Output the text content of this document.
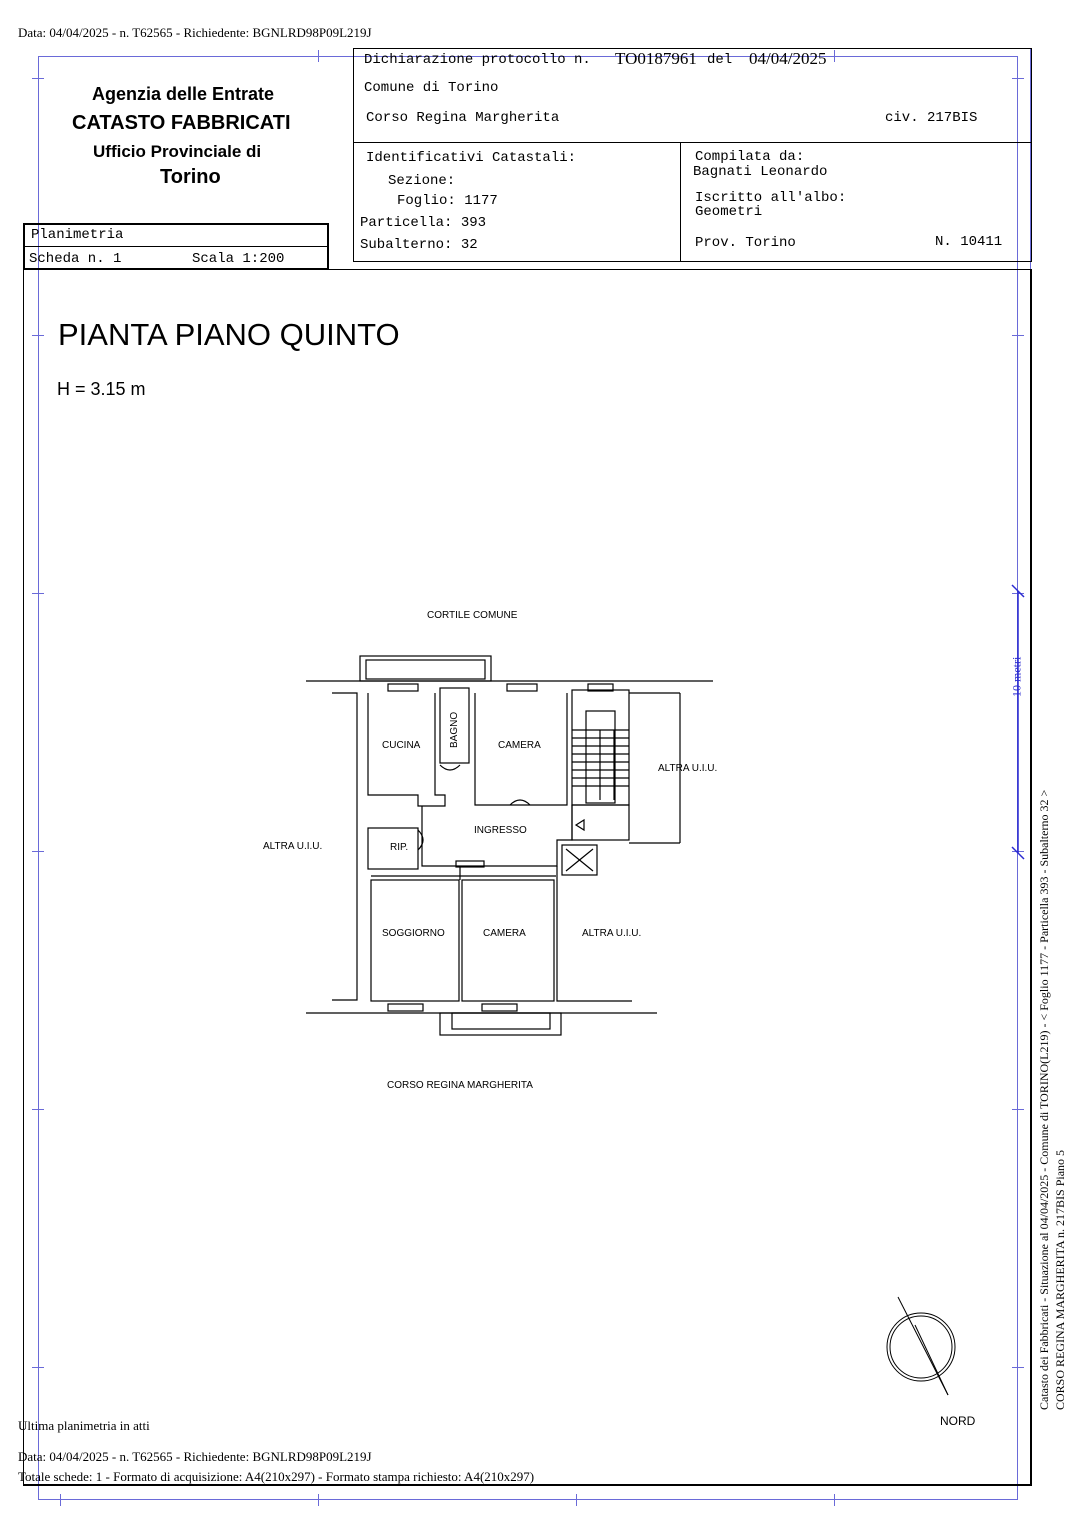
Data: 04/04/2025 - n. T62565 - Richiedente: BGNLRD98P09L219J
Agenzia delle Entrate
CATASTO FABBRICATI
Ufficio Provinciale di
Torino
Planimetria
Scheda n. 1	Scala 1:200
Dichiarazione protocollo n. TO0187961 del 04/04/2025
Comune di Torino
Corso Regina Margherita	civ. 217BIS
Identificativi Catastali:
Sezione:
Foglio: 1177
Particella: 393
Subalterno: 32
Compilata da:
Bagnati Leonardo
Iscritto all'albo:
Geometri
Prov. Torino	N. 10411
PIANTA PIANO QUINTO
H = 3.15 m
CORTILE COMUNE
CUCINA	BAGNO	CAMERA
ALTRA U.I.U.
ALTRA U.I.U.
INGRESSO
RIP.
SOGGIORNO	CAMERA	ALTRA U.I.U.
CORSO REGINA MARGHERITA
10 metri
NORD
Catasto dei Fabbricati - Situazione al 04/04/2025 - Comune di TORINO(L219) - < Foglio 1177 - Particella 393 - Subalterno 32 > CORSO REGINA MARGHERITA n. 217BIS Piano 5
Ultima planimetria in atti
Data: 04/04/2025 - n. T62565 - Richiedente: BGNLRD98P09L219J
Totale schede: 1 - Formato di acquisizione: A4(210x297) - Formato stampa richiesto: A4(210x297)
